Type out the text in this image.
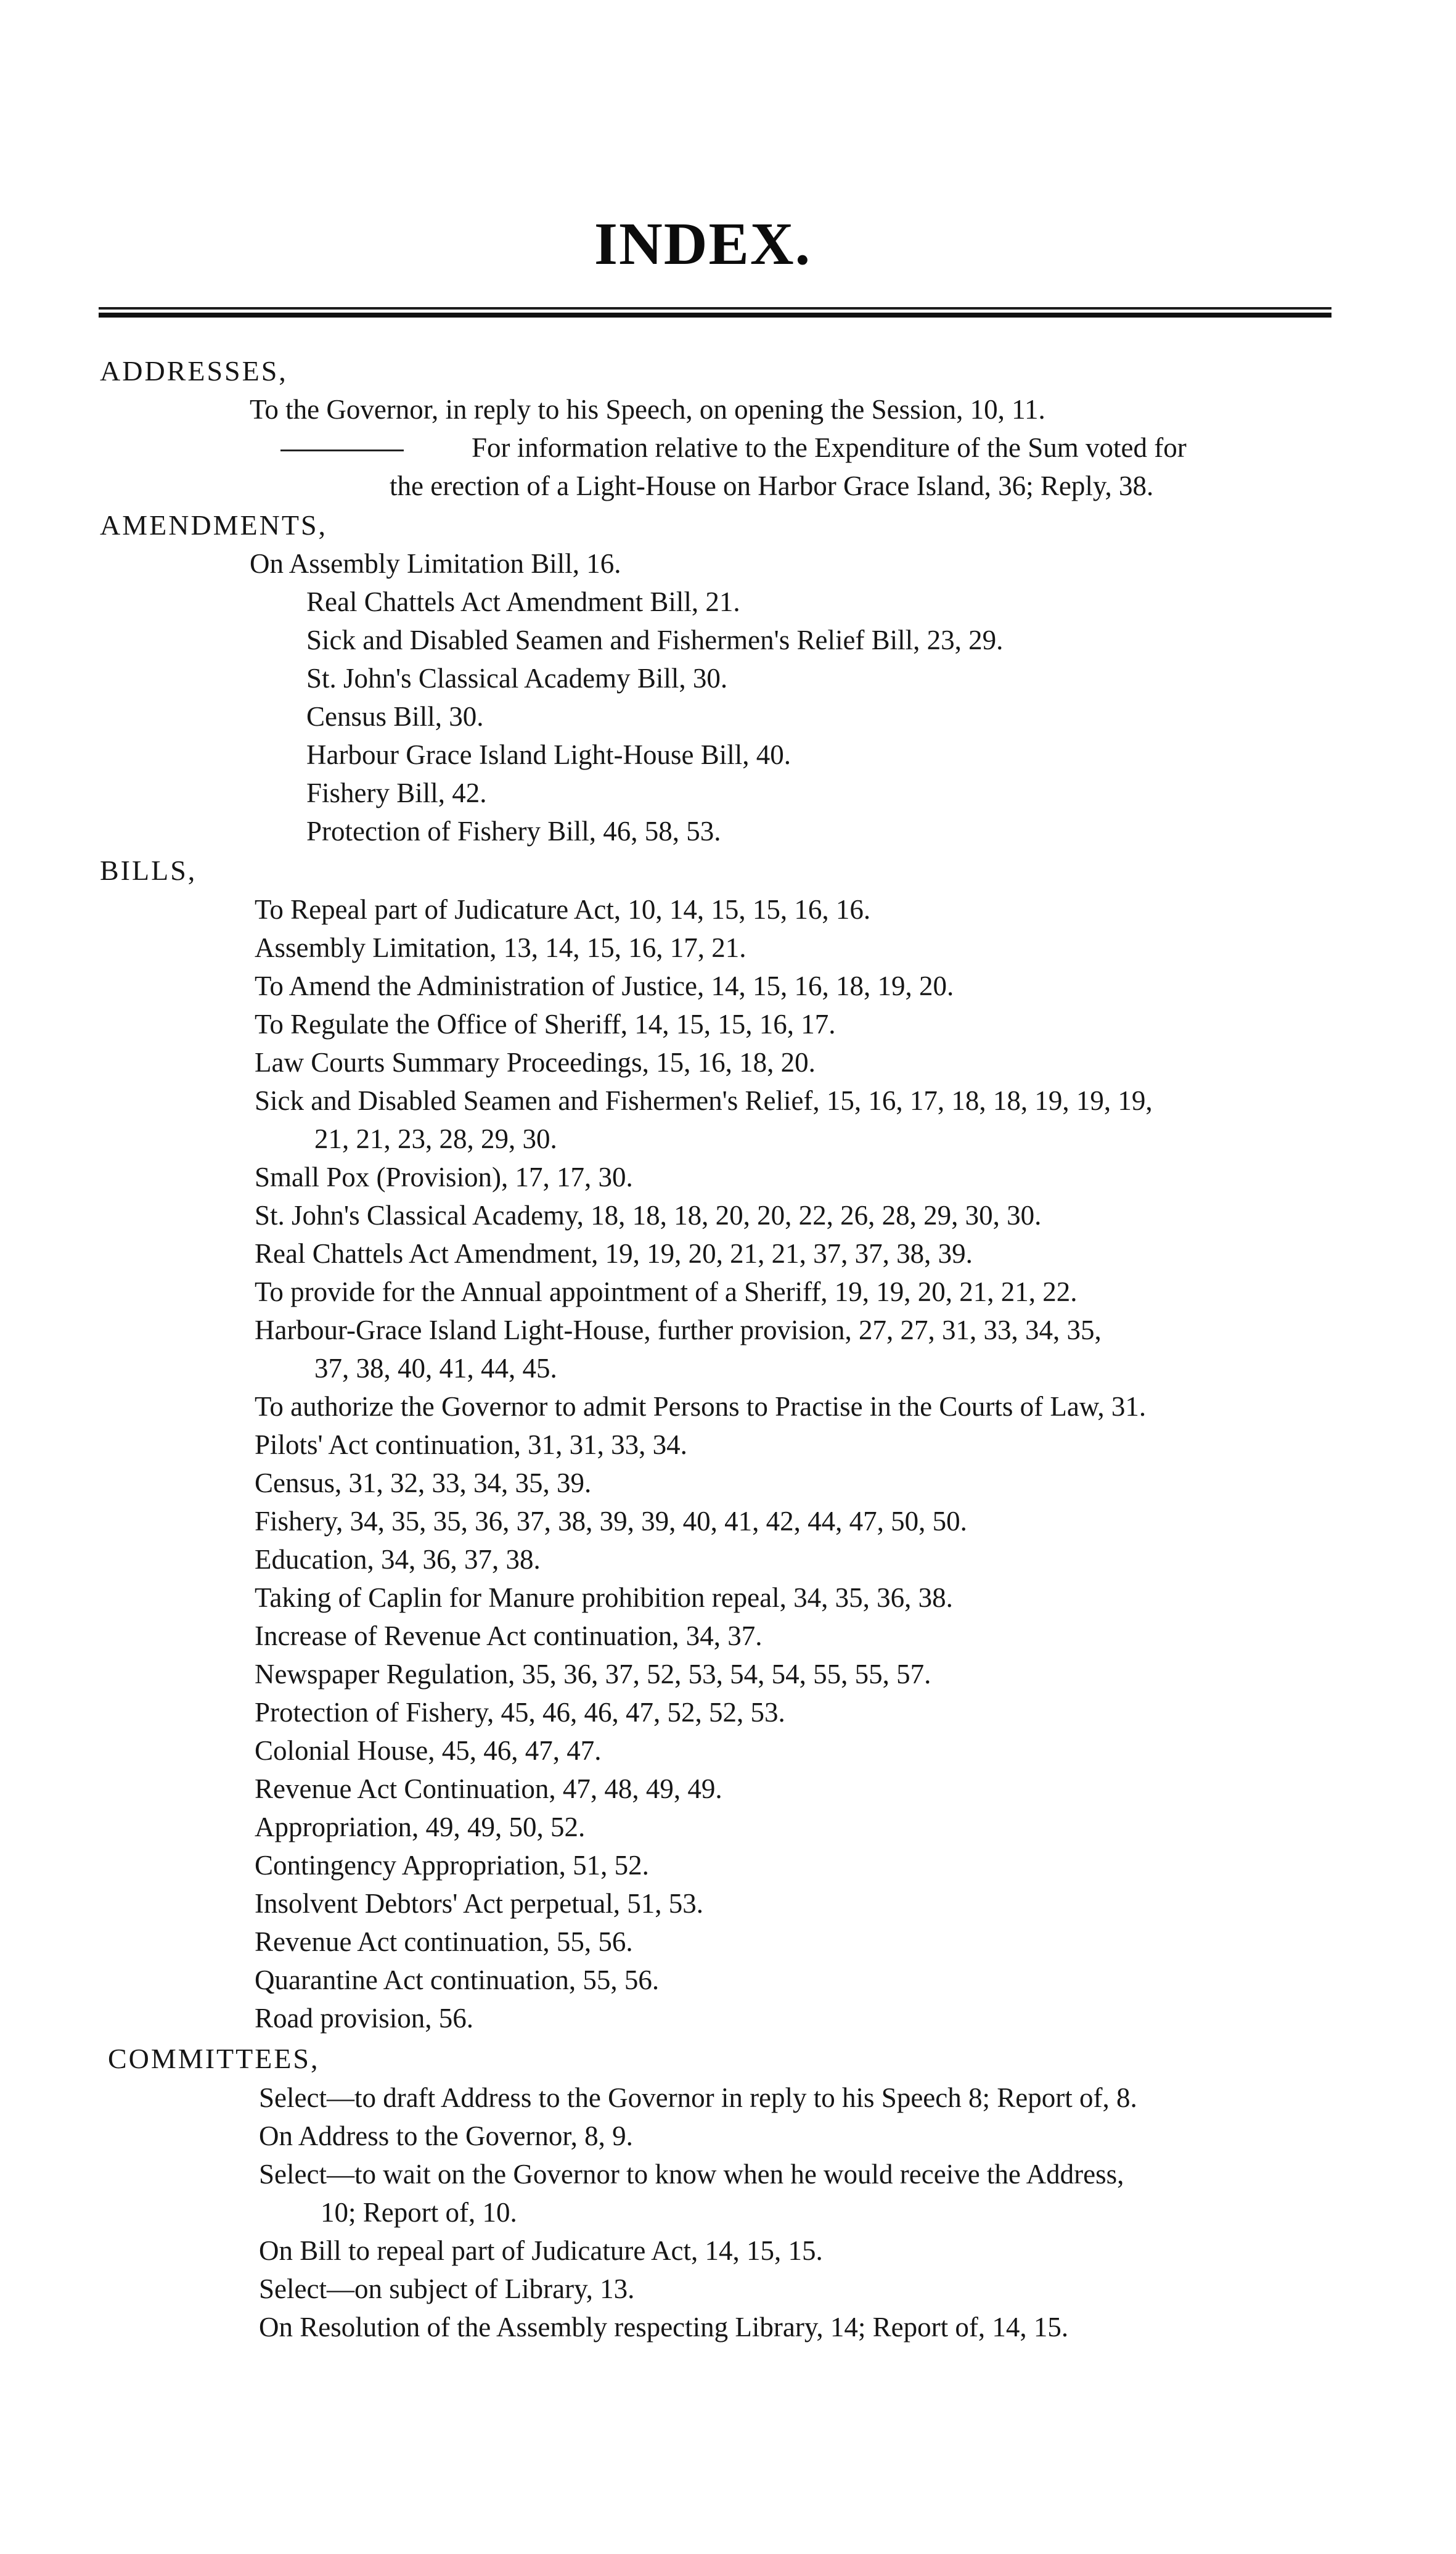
INDEX.
ADDRESSES,
To the Governor, in reply to his Speech, on opening the Session, 10, 11.
For information relative to the Expenditure of the Sum voted for
the erection of a Light-House on Harbor Grace Island, 36; Reply, 38.
AMENDMENTS,
On Assembly Limitation Bill, 16.
Real Chattels Act Amendment Bill, 21.
Sick and Disabled Seamen and Fishermen's Relief Bill, 23, 29.
St. John's Classical Academy Bill, 30.
Census Bill, 30.
Harbour Grace Island Light-House Bill, 40.
Fishery Bill, 42.
Protection of Fishery Bill, 46, 58, 53.
BILLS,
To Repeal part of Judicature Act, 10, 14, 15, 15, 16, 16.
Assembly Limitation, 13, 14, 15, 16, 17, 21.
To Amend the Administration of Justice, 14, 15, 16, 18, 19, 20.
To Regulate the Office of Sheriff, 14, 15, 15, 16, 17.
Law Courts Summary Proceedings, 15, 16, 18, 20.
Sick and Disabled Seamen and Fishermen's Relief, 15, 16, 17, 18, 18, 19, 19, 19,
21, 21, 23, 28, 29, 30.
Small Pox (Provision), 17, 17, 30.
St. John's Classical Academy, 18, 18, 18, 20, 20, 22, 26, 28, 29, 30, 30.
Real Chattels Act Amendment, 19, 19, 20, 21, 21, 37, 37, 38, 39.
To provide for the Annual appointment of a Sheriff, 19, 19, 20, 21, 21, 22.
Harbour-Grace Island Light-House, further provision, 27, 27, 31, 33, 34, 35,
37, 38, 40, 41, 44, 45.
To authorize the Governor to admit Persons to Practise in the Courts of Law, 31.
Pilots' Act continuation, 31, 31, 33, 34.
Census, 31, 32, 33, 34, 35, 39.
Fishery, 34, 35, 35, 36, 37, 38, 39, 39, 40, 41, 42, 44, 47, 50, 50.
Education, 34, 36, 37, 38.
Taking of Caplin for Manure prohibition repeal, 34, 35, 36, 38.
Increase of Revenue Act continuation, 34, 37.
Newspaper Regulation, 35, 36, 37, 52, 53, 54, 54, 55, 55, 57.
Protection of Fishery, 45, 46, 46, 47, 52, 52, 53.
Colonial House, 45, 46, 47, 47.
Revenue Act Continuation, 47, 48, 49, 49.
Appropriation, 49, 49, 50, 52.
Contingency Appropriation, 51, 52.
Insolvent Debtors' Act perpetual, 51, 53.
Revenue Act continuation, 55, 56.
Quarantine Act continuation, 55, 56.
Road provision, 56.
COMMITTEES,
Select—to draft Address to the Governor in reply to his Speech 8; Report of, 8.
On Address to the Governor, 8, 9.
Select—to wait on the Governor to know when he would receive the Address,
10; Report of, 10.
On Bill to repeal part of Judicature Act, 14, 15, 15.
Select—on subject of Library, 13.
On Resolution of the Assembly respecting Library, 14; Report of, 14, 15.
